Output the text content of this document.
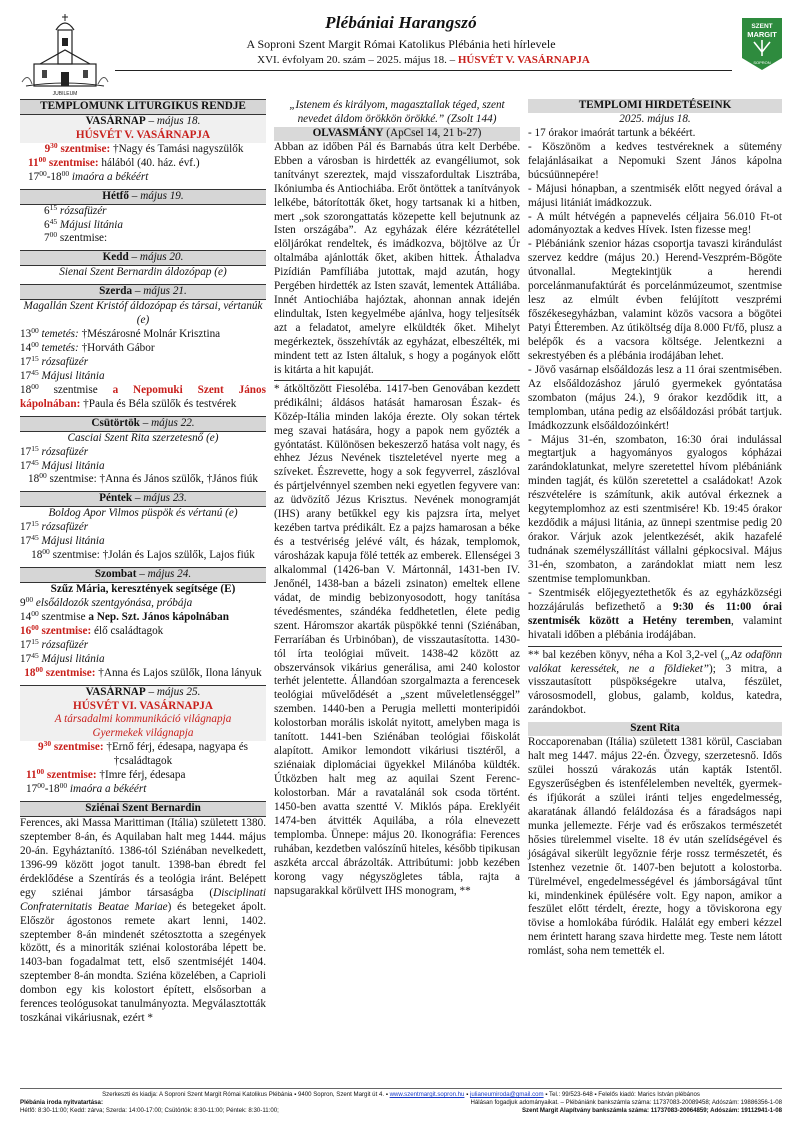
JUBILEUM
Plébániai Harangszó
A Soproni Szent Margit Római Katolikus Plébánia heti hírlevele
XVI. évfolyam 20. szám – 2025. május 18. – HÚSVÉT V. VASÁRNAPJA
SZENT
MARGIT
SOPRON
TEMPLOMUNK LITURGIKUS RENDJE
VASÁRNAP – május 18.
HÚSVÉT V. VASÁRNAPJA
$9^{30}$ szentmise: †Nagy és Tamási nagyszülők
$11^{00}$ szentmise: hálából (40. ház. évf.)
$17^{00}-18^{00}$ imaóra a békéért
Hétfő – május 19.
$6^{15}$ rózsafüzér
$6^{45}$ Májusi litánia
$7^{00}$ szentmise:
Kedd – május 20.
Sienai Szent Bernardin áldozópap (e)
Szerda – május 21.
Magallán Szent Kristóf áldozópap és társai, vértanúk (e)
$13^{00}$ temetés: †Mészárosné Molnár Krisztina
$14^{00}$ temetés: †Horváth Gábor
$17^{15}$ rózsafüzér
$17^{45}$ Májusi litánia
$18^{00}$ szentmise a Nepomuki Szent János kápolnában: †Paula és Béla szülők és testvérek
Csütörtök – május 22.
Casciai Szent Rita szerzetesnő (e)
$17^{15}$ rózsafüzér
$17^{45}$ Májusi litánia
$18^{00}$ szentmise: †Anna és János szülők, †János fiúk
Péntek – május 23.
Boldog Apor Vilmos püspök és vértanú (e)
$17^{15}$ rózsafüzér
$17^{45}$ Májusi litánia
$18^{00}$ szentmise: †Jolán és Lajos szülők, Lajos fiúk
Szombat – május 24.
Szűz Mária, keresztények segítsége (E)
$9^{00}$ elsőáldozók szentgyónása, próbája
$14^{00}$ szentmise a Nep. Szt. János kápolnában
$16^{00}$ szentmise: élő családtagok
$17^{15}$ rózsafüzér
$17^{45}$ Májusi litánia
$18^{00}$ szentmise: †Anna és Lajos szülők, Ilona lányuk
VASÁRNAP – május 25.
HÚSVÉT VI. VASÁRNAPJA
A társadalmi kommunikáció világnapja
Gyermekek világnapja
$9^{30}$ szentmise: †Ernő férj, édesapa, nagyapa és †családtagok
$11^{00}$ szentmise: †Imre férj, édesapa
$17^{00}-18^{00}$ imaóra a békéért
Sziénai Szent Bernardin

Ferences, aki Massa Marittiman (Itália) született 1380. szeptember 8-án, és Aquilaban halt meg 1444. május 20-án. Egyháztanító. 1386-tól Sziénában nevelkedett, 1396-99 között jogot tanult. 1398-ban ébredt fel érdeklődése a Szentírás és a teológia iránt. Belépett egy sziénai jámbor társaságba (Disciplinati Confraternitatis Beatae Mariae) és betegeket ápolt. Először ágostonos remete akart lenni, 1402. szeptember 8-án mindenét szétosztotta a szegények között, és a minoriták sziénai kolostorába lépett be. 1403-ban fogadalmat tett, első szentmiséjét 1404. szeptember 8-án mondta. Sziéna közelében, a Caprioli dombon egy kis kolostort épített, elsősorban a ferences teológusokat tanulmányozta. Megválasztották toszkánai vikáriusnak, ezért *

„Istenem és királyom, magasztallak téged, szent nevedet áldom örökkön örökké.” (Zsolt 144)
OLVASMÁNY (ApCsel 14, 21 b-27)

Abban az időben Pál és Barnabás útra kelt Derbébe. Ebben a városban is hirdették az evangéliumot, sok tanítványt szereztek, majd visszafordultak Lisztrába, Ikóniumba és Antiochiába. Erőt öntöttek a tanítványok lelkébe, bátorították őket, hogy tartsanak ki a hitben, mert „sok szorongattatás közepette kell bejutnunk az Isten országába”. Az egyházak élére kézrátétellel elöljárókat rendeltek, és imádkozva, böjtölve az Úr oltalmába ajánlották őket, akiben hittek. Áthaladva Pizídián Pamfíliába jutottak, majd azután, hogy Pergében hirdették az Isten szavát, lementek Attáliába. Innét Antiochiába hajóztak, ahonnan annak idején elindultak, Isten kegyelmébe ajánlva, hogy teljesítsék azt a feladatot, amelyre elküldték őket. Mihelyt megérkeztek, összehívták az egyházat, elbeszélték, mi mindent tett az Isten általuk, s hogy a pogányok előtt is kitárta a hit kapuját.

* átköltözött Fiesoléba. 1417-ben Genovában kezdett prédikálni; áldásos hatását hamarosan Észak- és Közép-Itália minden lakója érezte. Oly sokan tértek meg szavai hatására, hogy a papok nem győzték a gyóntatást. Különösen bekeszerző hatása volt nagy, és ehhez Jézus Nevének tiszteletével nyerte meg a szíveket. Észrevette, hogy a sok fegyverrel, zászlóval és pártjelvénnyel szemben neki egyetlen fegyvere van: az üdvözítő Jézus Krisztus. Nevének monogramját (IHS) arany betűkkel egy kis pajzsra írta, melyet kezében tartva prédikált. Ez a pajzs hamarosan a béke és a testvériség jelévé vált, és házak, templomok, városházak kapuja fölé tették az emberek. Ellenségei 3 alkalommal (1426-ban V. Mártonnál, 1431-ben IV. Jenőnél, 1438-ban a bázeli zsinaton) emeltek ellene vádat, de mindig bebizonyosodott, hogy tanítása tévedésmentes, szándéka feddhetetlen, élete pedig szent. Háromszor akarták püspökké tenni (Sziénában, Ferraríában és Urbinóban), de visszautasította. 1430-tól írta teológiai műveit. 1438-42 között az obszervánsok vikárius generálisa, ami 240 kolostor terhét jelentette. Állandóan szorgalmazta a ferencesek teológiai művelődését a „szent műveletlenséggel” szemben. 1440-ben a Perugia melletti monteripidói kolostorban morális iskolát nyitott, amelyben maga is tanított. 1441-ben Sziénában teológiai főiskolát alapított. Amikor lemondott vikáriusi tisztéről, a sziénaiak diplomáciai ügyekkel Milánóba küldték. Útközben halt meg az aquilai Szent Ferenc-kolostorban. Már a ravatalánál sok csoda történt. 1450-ben avatta szentté V. Miklós pápa. Ereklyéit 1474-ben átvitték Aquilába, a róla elnevezett templomba. Ünnepe: május 20. Ikonográfia: Ferences ruhában, kezdetben valószínű hiteles, később tipikusan aszkéta arccal ábrázolták. Attribútumi: jobb kezében korong vagy négyszögletes tábla, rajta a napsugarakkal körülvett IHS monogram, **

TEMPLOMI HIRDETÉSEINK
2025. május 18.

- 17 órakor imaórát tartunk a békéért.

- Köszönöm a kedves testvéreknek a sütemény felajánlásaikat a Nepomuki Szent János kápolna búcsúünnepére!

- Májusi hónapban, a szentmisék előtt negyed órával a májusi litániát imádkozzuk.

- A múlt hétvégén a papnevelés céljaira 56.010 Ft-ot adományoztak a kedves Hívek. Isten fizesse meg!

- Plébániánk szenior házas csoportja tavaszi kirándulást szervez keddre (május 20.) Herend-Veszprém-Bögöte útvonallal. Megtekintjük a herendi porcelánmanufaktúrát és porcelánmúzeumot, szentmise lesz az elmúlt évben felújított veszprémi főszékesegyházban, valamint közös vacsora a bögötei Patyi Étteremben. Az útiköltség díja 8.000 Ft/fő, plusz a belépők és a vacsora költsége. Jelentkezni a sekrestyében és a plébánia irodájában lehet.

- Jövő vasárnap elsőáldozás lesz a 11 órai szentmisében. Az elsőáldozáshoz járuló gyermekek gyóntatása szombaton (május 24.), 9 órakor kezdődik itt, a templomban, utána pedig az elsőáldozási próbát tartjuk. Imádkozzunk elsőáldozóinkért!

- Május 31-én, szombaton, 16:30 órai indulással megtartjuk a hagyományos gyalogos kópházai zarándoklatunkat, melyre szeretettel hívom plébániánk minden tagját, és külön szeretettel a családokat! Azok részvételére is számítunk, akik autóval érkeznek a kegytemplomhoz az esti szentmisére! Kb. 19:45 órakor kezdődik a májusi litánia, az ünnepi szentmise pedig 20 órakor. Várjuk azok jelentkezését, akik hazafelé tudnának személyszállítást vállalni gépkocsival. Május 31-én, szombaton, a zarándoklat miatt nem lesz szentmise templomunkban.

- Szentmisék előjegyeztethetők és az egyházközségi hozzájárulás befizethető a 9:30 és 11:00 órai szentmisék között a Hetény teremben, valamint hivatali időben a plébánia irodájában.

** bal kezében könyv, néha a Kol 3,2-vel („Az odafönn valókat keressétek, ne a földieket”); 3 mitra, a visszautasított püspökségekre utalva, fészület, várososmodell, globus, galamb, koldus, katedra, zarándokbot.

Szent Rita

Roccaporenaban (Itália) született 1381 körül, Casciaban halt meg 1447. május 22-én. Özvegy, szerzetesnő. Idős szülei hosszú várakozás után kapták Istentől. Egyszerűségben és istenfélelemben nevelték, gyermek- és ifjúkorát a szülei iránti teljes engedelmesség, akaratának állandó feláldozása és a fáradságos napi munka jellemezte. Férje vad és erőszakos természetét hősies türelemmel viselte. 18 év után szelídségével és jóságával sikerült legyőznie férje rossz természetét, és Istenhez vezetnie őt. 1407-ben bejutott a kolostorba. Türelmével, engedelmességével és jámborságával tűnt ki, mindenkinek épülésére volt. Egy napon, amikor a feszület előtt térdelt, érezte, hogy a töviskorona egy tövise a homlokába fúródik. Halálát egy emberi kézzel nem érintett harang szava hirdette meg. Teste nem látott romlást, soha nem temették el.

Szerkeszti és kiadja: A Soproni Szent Margit Római Katolikus Plébánia ▪ 9400 Sopron, Szent Margit út 4. ▪ www.szentmargit.sopron.hu ▪ julianeumiroda@gmail.com ▪ Tel.: 99/523-648 ▪ Felelős kiadó: Marics István plébános
Plébánia iroda nyitvatartása:	Hálásan fogadjuk adományaikat. – Plébániánk bankszámla száma: 11737083-20089458; Adószám: 19886356-1-08
Hétfő: 8:30-11:00; Kedd: zárva; Szerda: 14:00-17:00; Csütörtök: 8:30-11:00; Péntek: 8:30-11:00;	Szent Margit Alapítvány bankszámla száma: 11737083-20064859; Adószám: 19112941-1-08
